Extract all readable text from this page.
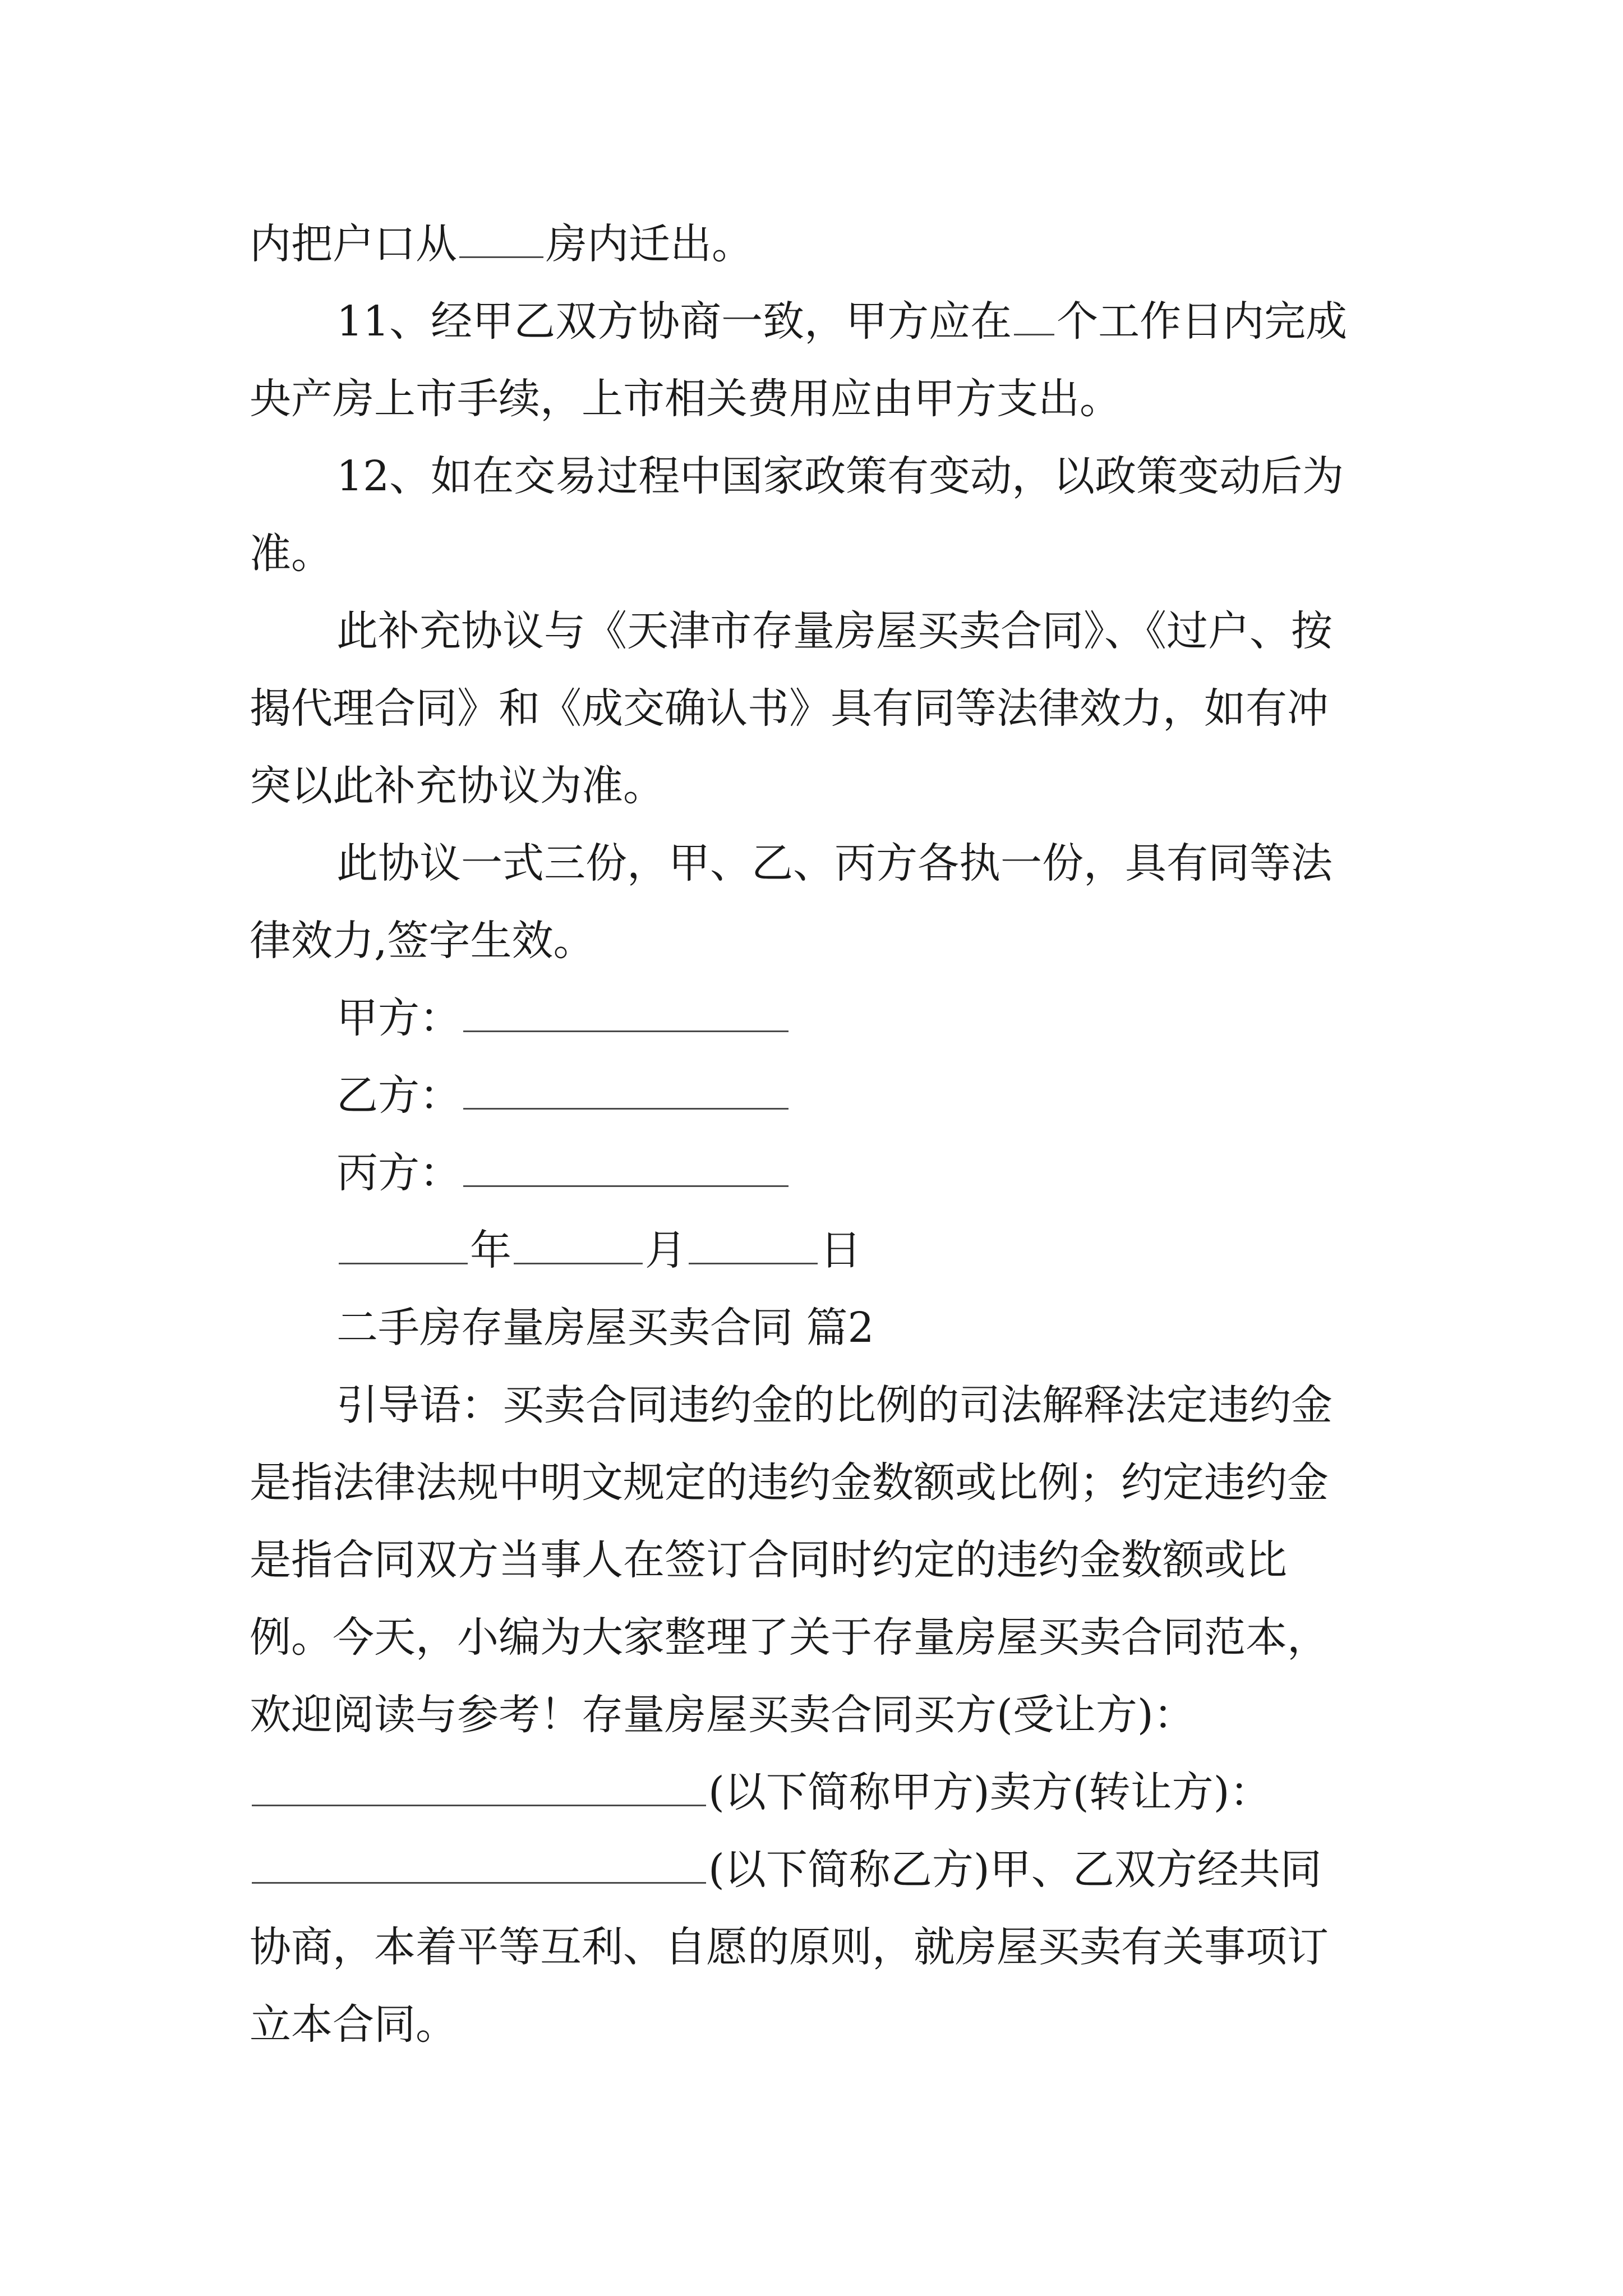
内把户口从 房内迁出。
11、经甲乙双方协商一致，甲方应在 个工作日内完成
央产房上市手续，上市相关费用应由甲方支出。
12、如在交易过程中国家政策有变动，以政策变动后为
准。
此补充协议与《天津市存量房屋买卖合同》、《过户、按
揭代理合同》和《成交确认书》具有同等法律效力，如有冲
突以此补充协议为准。
此协议一式三份，甲、乙、丙方各执一份，具有同等法
律效力,签字生效。
甲方：
乙方：
丙方：
年	月	日
二手房存量房屋买卖合同 篇2
引导语：买卖合同违约金的比例的司法解释法定违约金
是指法律法规中明文规定的违约金数额或比例；约定违约金
是指合同双方当事人在签订合同时约定的违约金数额或比
例。今天，小编为大家整理了关于存量房屋买卖合同范本，
欢迎阅读与参考！存量房屋买卖合同买方(受让方)：
(以下简称甲方)卖方(转让方)：
(以下简称乙方)甲、乙双方经共同
协商，本着平等互利、自愿的原则，就房屋买卖有关事项订
立本合同。
